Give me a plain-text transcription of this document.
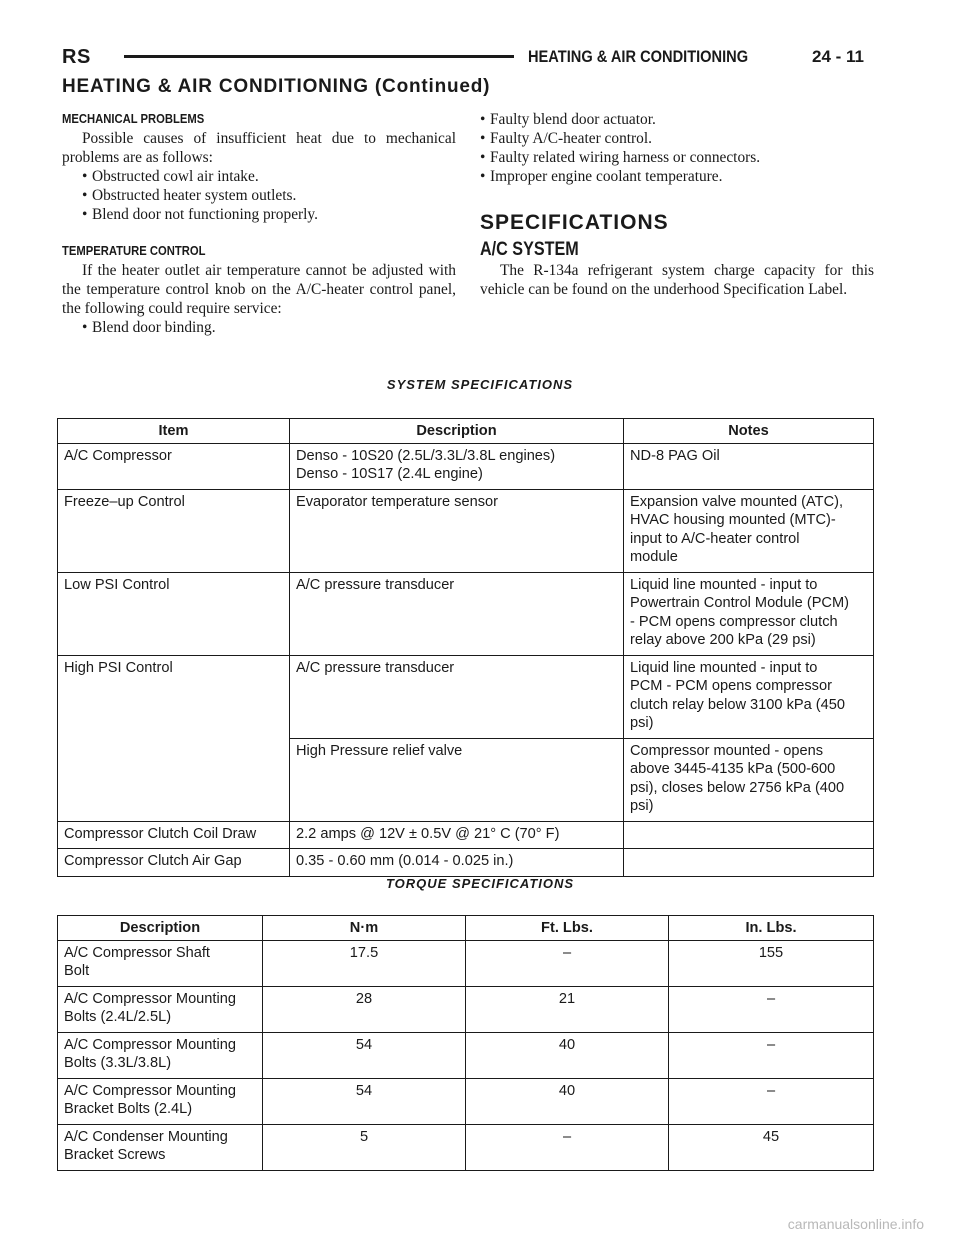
RS	HEATING & AIR CONDITIONING	24 - 11
HEATING & AIR CONDITIONING (Continued)

MECHANICAL PROBLEMS

Possible causes of insufficient heat due to mechanical problems are as follows:

• Obstructed cowl air intake.
• Obstructed heater system outlets.
• Blend door not functioning properly.

TEMPERATURE CONTROL

If the heater outlet air temperature cannot be adjusted with the temperature control knob on the A/C-heater control panel, the following could require service:

• Blend door binding.
• Faulty blend door actuator.
• Faulty A/C-heater control.
• Faulty related wiring harness or connectors.
• Improper engine coolant temperature.
SPECIFICATIONS
A/C SYSTEM

The R-134a refrigerant system charge capacity for this vehicle can be found on the underhood Specification Label.

SYSTEM SPECIFICATIONS
Item	Description	Notes
A/C Compressor	Denso - 10S20 (2.5L/3.3L/3.8L engines)
Denso - 10S17 (2.4L engine)	ND-8 PAG Oil

Freeze–up Control	Evaporator temperature sensor	Expansion valve mounted (ATC),
HVAC housing mounted (MTC)-
input to A/C-heater control
module

Low PSI Control	A/C pressure transducer	Liquid line mounted - input to
Powertrain Control Module (PCM)
- PCM opens compressor clutch
relay above 200 kPa (29 psi)

High PSI Control	A/C pressure transducer	Liquid line mounted - input to
PCM - PCM opens compressor
clutch relay below 3100 kPa (450
psi)

	High Pressure relief valve	Compressor mounted - opens
above 3445-4135 kPa (500-600
psi), closes below 2756 kPa (400
psi)

Compressor Clutch Coil Draw	2.2 amps @ 12V ± 0.5V @ 21° C (70° F)	

Compressor Clutch Air Gap	0.35 - 0.60 mm (0.014 - 0.025 in.)	

TORQUE SPECIFICATIONS
Description	N·m	Ft. Lbs.	In. Lbs.

A/C Compressor Shaft
Bolt	17.5	–	155

A/C Compressor Mounting
Bolts (2.4L/2.5L)	28	21	–

A/C Compressor Mounting
Bolts (3.3L/3.8L)	54	40	–

A/C Compressor Mounting
Bracket Bolts (2.4L)	54	40	–

A/C Condenser Mounting
Bracket Screws	5	–	45
carmanualsonline.info
